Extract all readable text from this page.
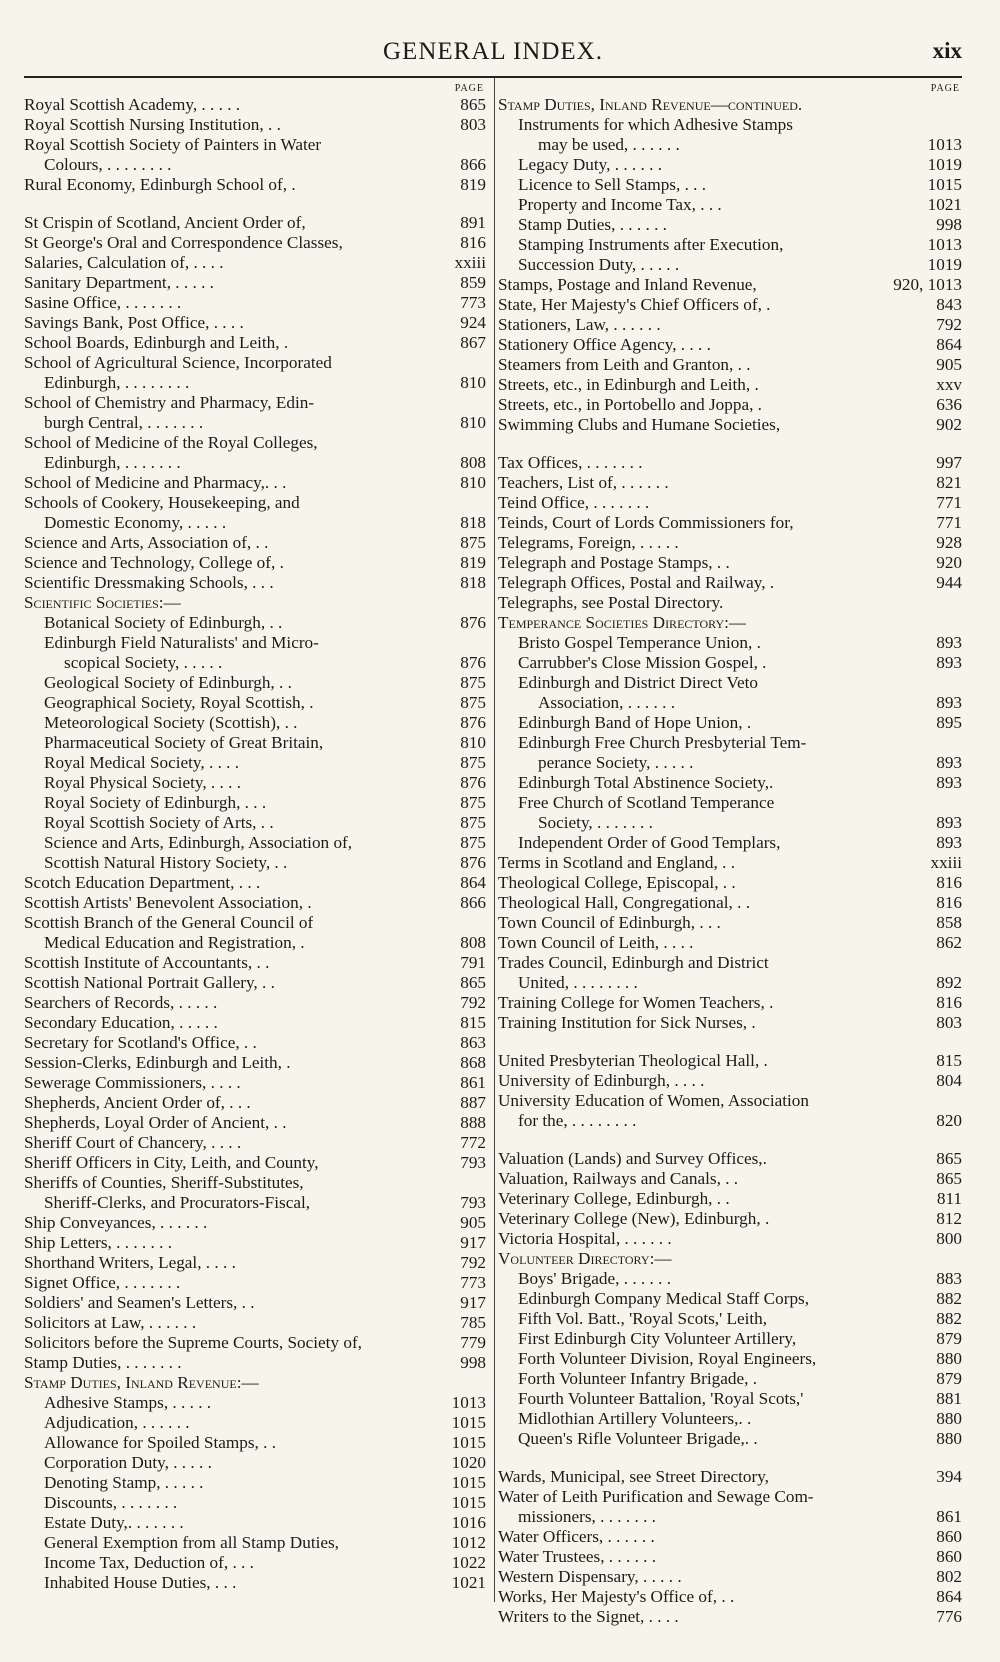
GENERAL INDEX.	xix
PAGE
Royal Scottish Academy, . . . . .	865
Royal Scottish Nursing Institution, . .	803
Royal Scottish Society of Painters in Water
Colours, . . . . . . . .	866
Rural Economy, Edinburgh School of, .	819
St Crispin of Scotland, Ancient Order of,	891
St George's Oral and Correspondence Classes,	816
Salaries, Calculation of, . . . .	xxiii
Sanitary Department, . . . . .	859
Sasine Office, . . . . . . .	773
Savings Bank, Post Office, . . . .	924
School Boards, Edinburgh and Leith, .	867
School of Agricultural Science, Incorporated
Edinburgh, . . . . . . . .	810
School of Chemistry and Pharmacy, Edin-
burgh Central, . . . . . . .	810
School of Medicine of the Royal Colleges,
Edinburgh, . . . . . . .	808
School of Medicine and Pharmacy,. . .	810
Schools of Cookery, Housekeeping, and
Domestic Economy, . . . . .	818
Science and Arts, Association of, . .	875
Science and Technology, College of, .	819
Scientific Dressmaking Schools, . . .	818
Scientific Societies:—
Botanical Society of Edinburgh, . .	876
Edinburgh Field Naturalists' and Micro-
scopical Society, . . . . .	876
Geological Society of Edinburgh, . .	875
Geographical Society, Royal Scottish, .	875
Meteorological Society (Scottish), . .	876
Pharmaceutical Society of Great Britain,	810
Royal Medical Society, . . . .	875
Royal Physical Society, . . . .	876
Royal Society of Edinburgh, . . .	875
Royal Scottish Society of Arts, . .	875
Science and Arts, Edinburgh, Association of,	875
Scottish Natural History Society, . .	876
Scotch Education Department, . . .	864
Scottish Artists' Benevolent Association, .	866
Scottish Branch of the General Council of
Medical Education and Registration, .	808
Scottish Institute of Accountants, . .	791
Scottish National Portrait Gallery, . .	865
Searchers of Records, . . . . .	792
Secondary Education, . . . . .	815
Secretary for Scotland's Office, . .	863
Session-Clerks, Edinburgh and Leith, .	868
Sewerage Commissioners, . . . .	861
Shepherds, Ancient Order of, . . .	887
Shepherds, Loyal Order of Ancient, . .	888
Sheriff Court of Chancery, . . . .	772
Sheriff Officers in City, Leith, and County,	793
Sheriffs of Counties, Sheriff-Substitutes,
Sheriff-Clerks, and Procurators-Fiscal,	793
Ship Conveyances, . . . . . .	905
Ship Letters, . . . . . . .	917
Shorthand Writers, Legal, . . . .	792
Signet Office, . . . . . . .	773
Soldiers' and Seamen's Letters, . .	917
Solicitors at Law, . . . . . .	785
Solicitors before the Supreme Courts, Society of,	779
Stamp Duties, . . . . . . .	998
Stamp Duties, Inland Revenue:—
Adhesive Stamps, . . . . .	1013
Adjudication, . . . . . .	1015
Allowance for Spoiled Stamps, . .	1015
Corporation Duty, . . . . .	1020
Denoting Stamp, . . . . .	1015
Discounts, . . . . . . .	1015
Estate Duty,. . . . . . .	1016
General Exemption from all Stamp Duties,	1012
Income Tax, Deduction of, . . .	1022
Inhabited House Duties, . . .	1021
PAGE
Stamp Duties, Inland Revenue—continued.
Instruments for which Adhesive Stamps
may be used, . . . . . .	1013
Legacy Duty, . . . . . .	1019
Licence to Sell Stamps, . . .	1015
Property and Income Tax, . . .	1021
Stamp Duties, . . . . . .	998
Stamping Instruments after Execution,	1013
Succession Duty, . . . . .	1019
Stamps, Postage and Inland Revenue,	920, 1013
State, Her Majesty's Chief Officers of, .	843
Stationers, Law, . . . . . .	792
Stationery Office Agency, . . . .	864
Steamers from Leith and Granton, . .	905
Streets, etc., in Edinburgh and Leith, .	xxv
Streets, etc., in Portobello and Joppa, .	636
Swimming Clubs and Humane Societies,	902
Tax Offices, . . . . . . .	997
Teachers, List of, . . . . . .	821
Teind Office, . . . . . . .	771
Teinds, Court of Lords Commissioners for,	771
Telegrams, Foreign, . . . . .	928
Telegraph and Postage Stamps, . .	920
Telegraph Offices, Postal and Railway, .	944
Telegraphs, see Postal Directory.
Temperance Societies Directory:—
Bristo Gospel Temperance Union, .	893
Carrubber's Close Mission Gospel, .	893
Edinburgh and District Direct Veto
Association, . . . . . .	893
Edinburgh Band of Hope Union, .	895
Edinburgh Free Church Presbyterial Tem-
perance Society, . . . . .	893
Edinburgh Total Abstinence Society,.	893
Free Church of Scotland Temperance
Society, . . . . . . .	893
Independent Order of Good Templars,	893
Terms in Scotland and England, . .	xxiii
Theological College, Episcopal, . .	816
Theological Hall, Congregational, . .	816
Town Council of Edinburgh, . . .	858
Town Council of Leith, . . . .	862
Trades Council, Edinburgh and District
United, . . . . . . . .	892
Training College for Women Teachers, .	816
Training Institution for Sick Nurses, .	803
United Presbyterian Theological Hall, .	815
University of Edinburgh, . . . .	804
University Education of Women, Association
for the, . . . . . . . .	820
Valuation (Lands) and Survey Offices,.	865
Valuation, Railways and Canals, . .	865
Veterinary College, Edinburgh, . .	811
Veterinary College (New), Edinburgh, .	812
Victoria Hospital, . . . . . .	800
Volunteer Directory:—
Boys' Brigade, . . . . . .	883
Edinburgh Company Medical Staff Corps,	882
Fifth Vol. Batt., 'Royal Scots,' Leith,	882
First Edinburgh City Volunteer Artillery,	879
Forth Volunteer Division, Royal Engineers,	880
Forth Volunteer Infantry Brigade, .	879
Fourth Volunteer Battalion, 'Royal Scots,'	881
Midlothian Artillery Volunteers,. .	880
Queen's Rifle Volunteer Brigade,. .	880
Wards, Municipal, see Street Directory,	394
Water of Leith Purification and Sewage Com-
missioners, . . . . . . .	861
Water Officers, . . . . . .	860
Water Trustees, . . . . . .	860
Western Dispensary, . . . . .	802
Works, Her Majesty's Office of, . .	864
Writers to the Signet, . . . .	776
